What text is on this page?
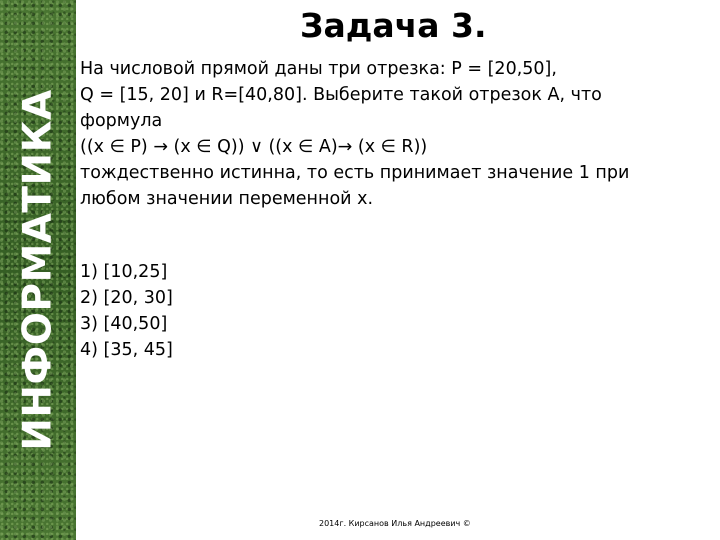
ИНФОРМАТИКА
Задача 3.
На числовой прямой даны три отрезка: P = [20,50],
Q = [15, 20] и R=[40,80]. Выберите такой отрезок A, что
формула
((x ∈ P) → (x ∈ Q)) ∨ ((x ∈ A)→ (x ∈ R))
тождественно истинна, то есть принимает значение 1 при
любом значении переменной х.
1) [10,25]
2) [20, 30]
3) [40,50]
4) [35, 45]
2014г. Кирсанов Илья Андреевич ©
